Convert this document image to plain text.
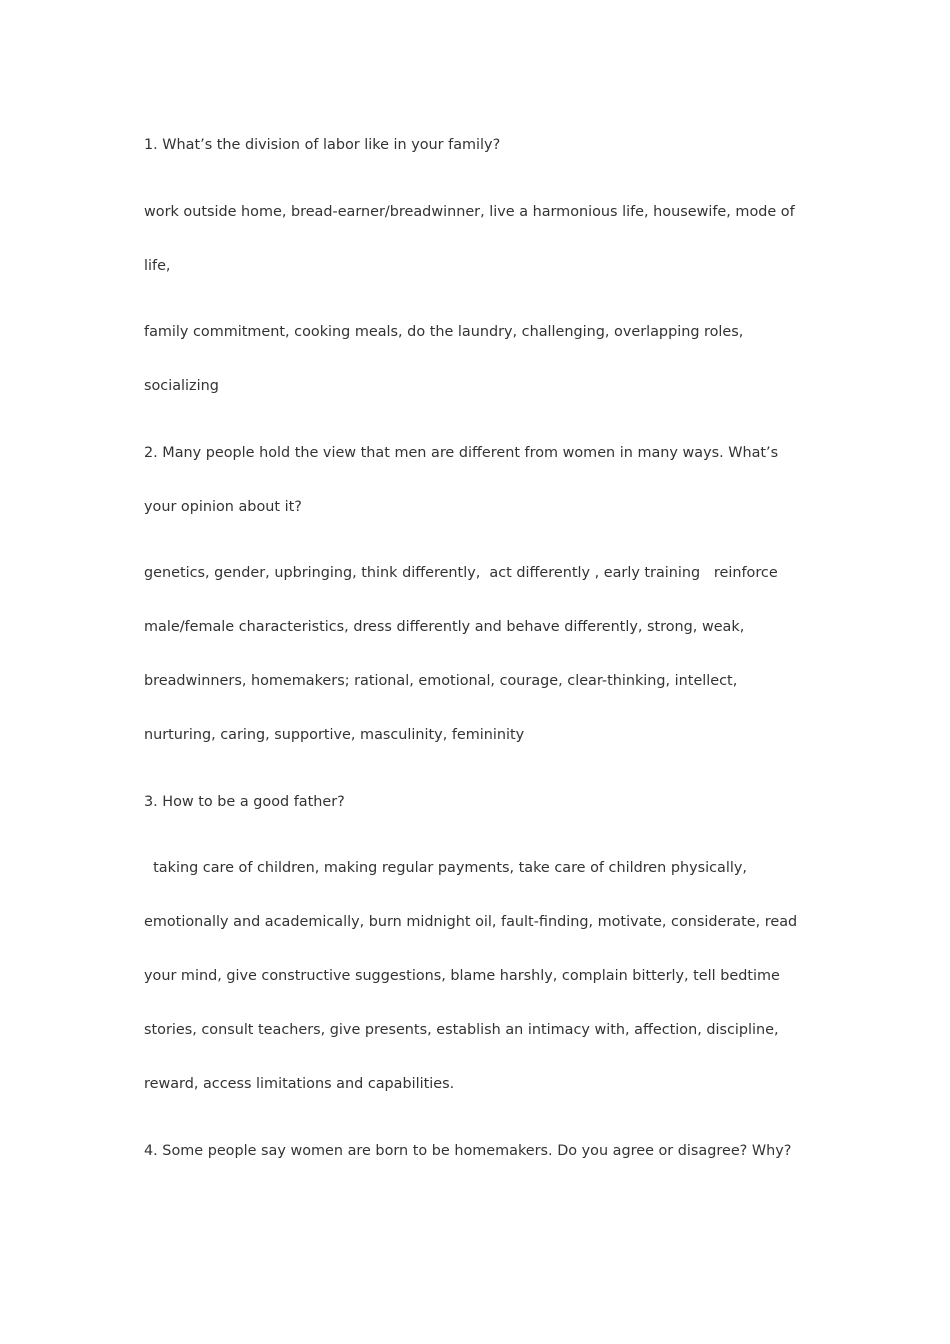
1. What’s the division of labor like in your family?

work outside home, bread-earner/breadwinner, live a harmonious life, housewife, mode of life,

family commitment, cooking meals, do the laundry, challenging, overlapping roles, socializing

2. Many people hold the view that men are different from women in many ways. What’s your opinion about it?

genetics, gender, upbringing, think differently,  act differently , early training   reinforce male/female characteristics, dress differently and behave differently, strong, weak, breadwinners, homemakers; rational, emotional, courage, clear-thinking, intellect, nurturing, caring, supportive, masculinity, femininity

3. How to be a good father?

taking care of children, making regular payments, take care of children physically, emotionally and academically, burn midnight oil, fault-finding, motivate, considerate, read your mind, give constructive suggestions, blame harshly, complain bitterly, tell bedtime stories, consult teachers, give presents, establish an intimacy with, affection, discipline, reward, access limitations and capabilities.

4. Some people say women are born to be homemakers. Do you agree or disagree? Why?
